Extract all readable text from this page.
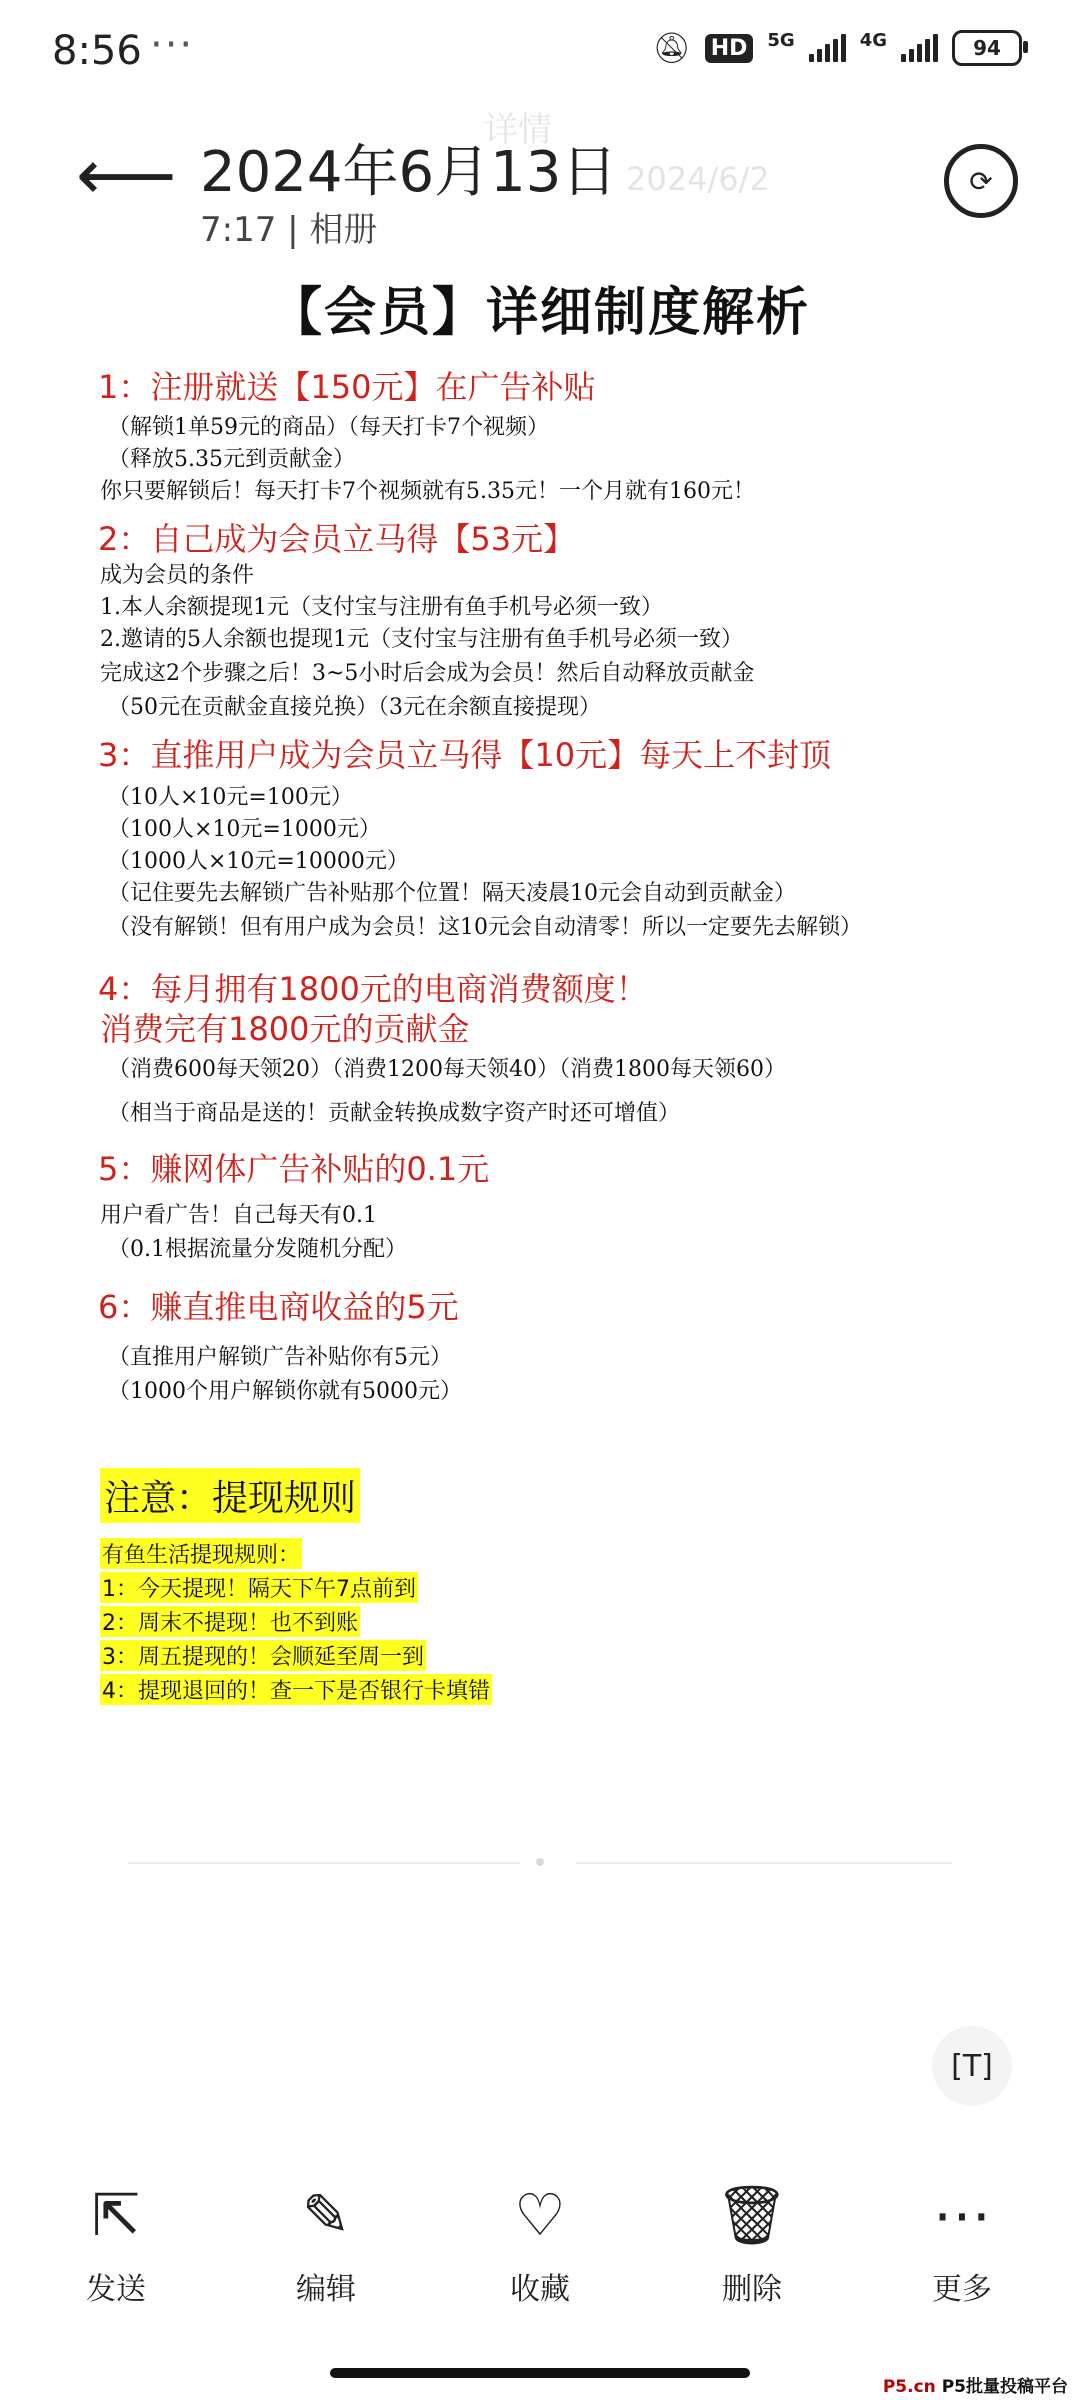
8:56 ···	🔕︎ HD	5G	4G	94
详情
2024/6/2
⟵ 2024年6月13日
7:17 | 相册
⟳
【会员】详细制度解析
1：注册就送【150元】在广告补贴
（解锁1单59元的商品）（每天打卡7个视频）
（释放5.35元到贡献金）
你只要解锁后！每天打卡7个视频就有5.35元！一个月就有160元！
2：自己成为会员立马得【53元】
成为会员的条件
1.本人余额提现1元（支付宝与注册有鱼手机号必须一致）
2.邀请的5人余额也提现1元（支付宝与注册有鱼手机号必须一致）
完成这2个步骤之后！3~5小时后会成为会员！然后自动释放贡献金
（50元在贡献金直接兑换）（3元在余额直接提现）
3：直推用户成为会员立马得【10元】每天上不封顶
（10人×10元=100元）
（100人×10元=1000元）
（1000人×10元=10000元）
（记住要先去解锁广告补贴那个位置！隔天凌晨10元会自动到贡献金）
（没有解锁！但有用户成为会员！这10元会自动清零！所以一定要先去解锁）
4：每月拥有1800元的电商消费额度！
消费完有1800元的贡献金
（消费600每天领20）（消费1200每天领40）（消费1800每天领60）
（相当于商品是送的！贡献金转换成数字资产时还可增值）
5：赚网体广告补贴的0.1元
用户看广告！自己每天有0.1
（0.1根据流量分发随机分配）
6：赚直推电商收益的5元
（直推用户解锁广告补贴你有5元）
（1000个用户解锁你就有5000元）
注意：提现规则
有鱼生活提现规则：
1：今天提现！隔天下午7点前到
2：周末不提现！也不到账
3：周五提现的！会顺延至周一到
4：提现退回的！查一下是否银行卡填错
[T]
⇱
发送
✎
编辑
♡
收藏
🗑︎
删除
⋯
更多
P5.cn P5批量投稿平台
